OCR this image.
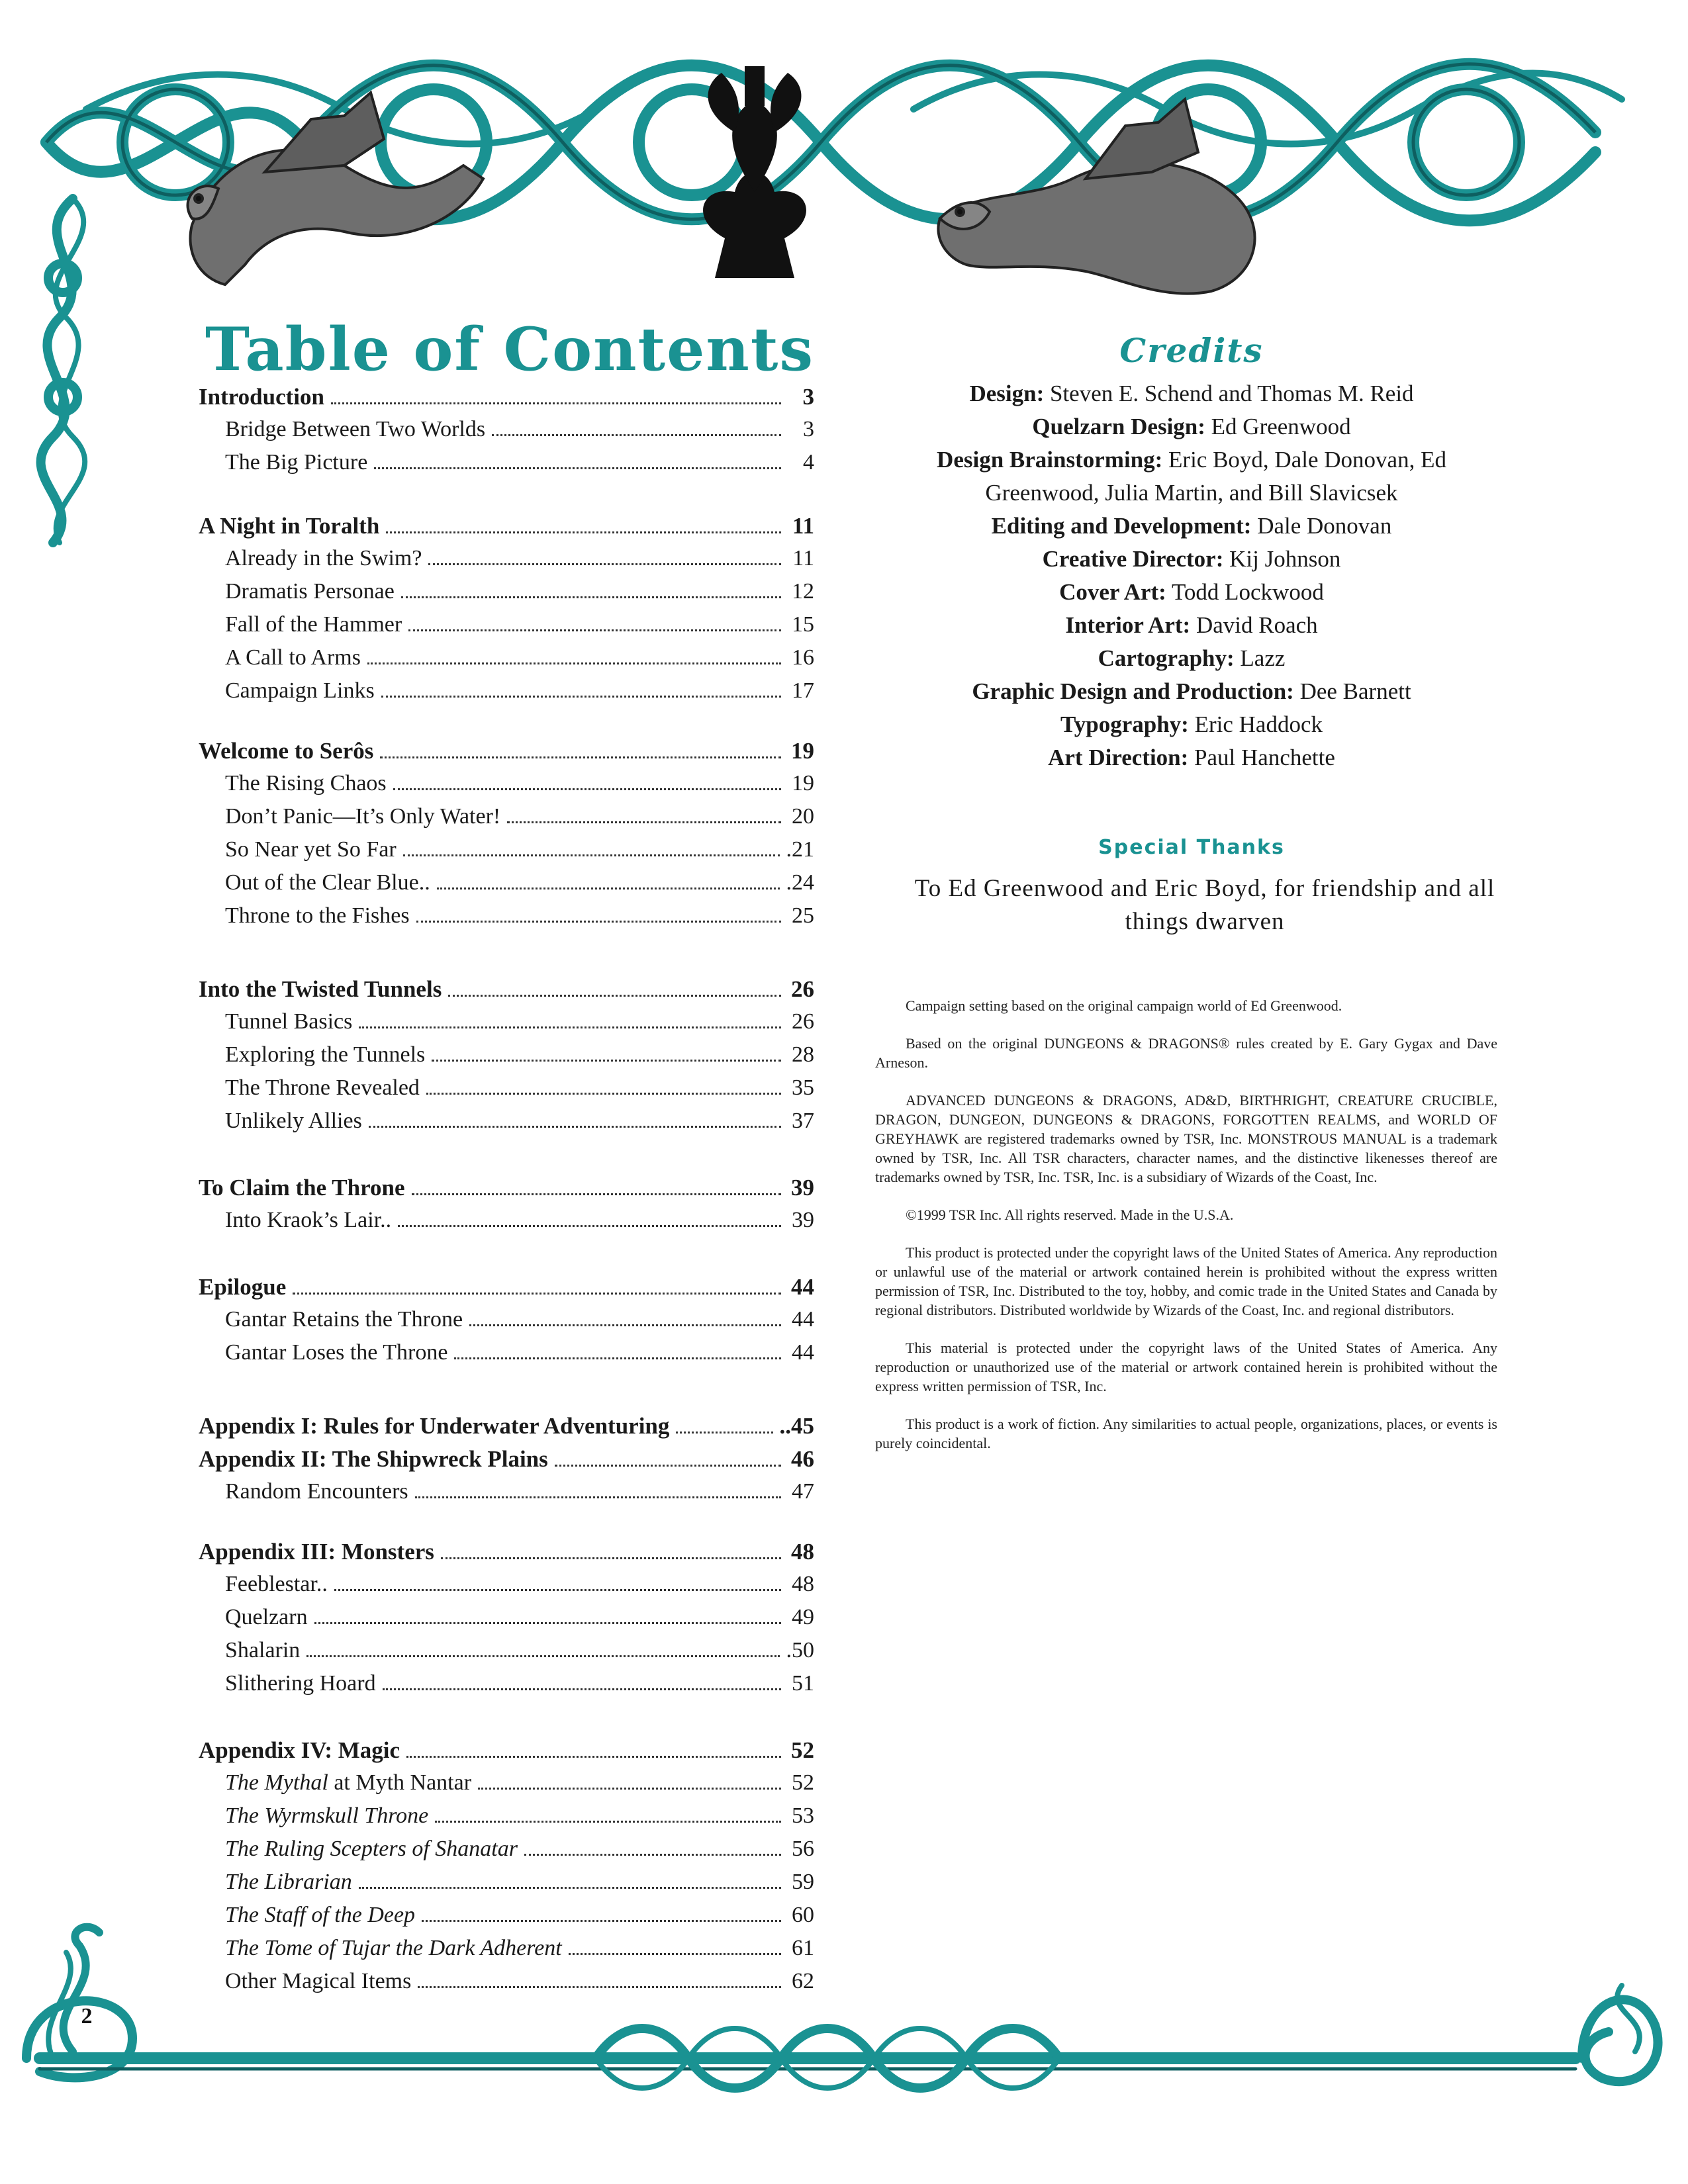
Table of Contents
Introduction	3
Bridge Between Two Worlds	3
The Big Picture	4
A Night in Toralth	11
Already in the Swim?	11
Dramatis Personae	12
Fall of the Hammer	15
A Call to Arms	16
Campaign Links	17
Welcome to Serôs	19
The Rising Chaos	19
Don’t Panic—It’s Only Water!	20
So Near yet So Far	.21
Out of the Clear Blue..	.24
Throne to the Fishes	25
Into the Twisted Tunnels	26
Tunnel Basics	26
Exploring the Tunnels	28
The Throne Revealed	35
Unlikely Allies	37
To Claim the Throne	39
Into Kraok’s Lair..	39
Epilogue	44
Gantar Retains the Throne	44
Gantar Loses the Throne	44
Appendix I: Rules for Underwater Adventuring	..45
Appendix II: The Shipwreck Plains	46
Random Encounters	47
Appendix III: Monsters	48
Feeblestar..	48
Quelzarn	49
Shalarin	.50
Slithering Hoard	51
Appendix IV: Magic	52
The Mythal at Myth Nantar	52
The Wyrmskull Throne	53
The Ruling Scepters of Shanatar	56
The Librarian	59
The Staff of the Deep	60
The Tome of Tujar the Dark Adherent	61
Other Magical Items	62
Credits
Design: Steven E. Schend and Thomas M. Reid
Quelzarn Design: Ed Greenwood
Design Brainstorming: Eric Boyd, Dale Donovan, Ed
Greenwood, Julia Martin, and Bill Slavicsek
Editing and Development: Dale Donovan
Creative Director: Kij Johnson
Cover Art: Todd Lockwood
Interior Art: David Roach
Cartography: Lazz
Graphic Design and Production: Dee Barnett
Typography: Eric Haddock
Art Direction: Paul Hanchette
Special Thanks
To Ed Greenwood and Eric Boyd, for friendship and all things dwarven

Campaign setting based on the original campaign world of Ed Greenwood.

Based on the original DUNGEONS & DRAGONS® rules created by E. Gary Gygax and Dave Arneson.

ADVANCED DUNGEONS & DRAGONS, AD&D, BIRTHRIGHT, CREATURE CRUCIBLE, DRAGON, DUNGEON, DUNGEONS & DRAGONS, FORGOTTEN REALMS, and WORLD OF GREYHAWK are registered trademarks owned by TSR, Inc. MONSTROUS MANUAL is a trademark owned by TSR, Inc. All TSR characters, character names, and the distinctive likenesses thereof are trademarks owned by TSR, Inc. TSR, Inc. is a subsidiary of Wizards of the Coast, Inc.

©1999 TSR Inc. All rights reserved. Made in the U.S.A.

This product is protected under the copyright laws of the United States of America. Any reproduction or unlawful use of the material or artwork contained herein is prohibited without the express written permission of TSR, Inc. Distributed to the toy, hobby, and comic trade in the United States and Canada by regional distributors. Distributed worldwide by Wizards of the Coast, Inc. and regional distributors.

This material is protected under the copyright laws of the United States of America. Any reproduction or unauthorized use of the material or artwork contained herein is prohibited without the express written permission of TSR, Inc.

This product is a work of fiction. Any similarities to actual people, organizations, places, or events is purely coincidental.

2
